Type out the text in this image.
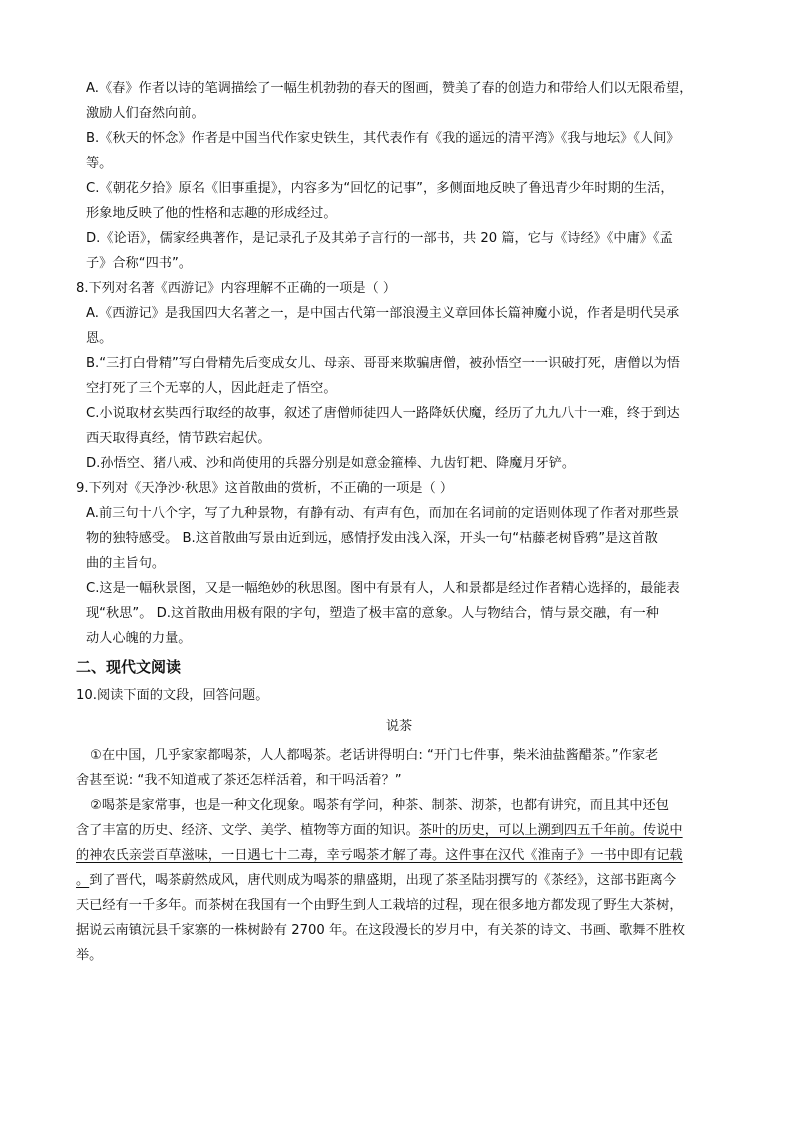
A.《春》作者以诗的笔调描绘了一幅生机勃勃的春天的图画，赞美了春的创造力和带给人们以无限希望，

激励人们奋然向前。

B.《秋天的怀念》作者是中国当代作家史铁生，其代表作有《我的遥远的清平湾》《我与地坛》《人间》

等。

C.《朝花夕拾》原名《旧事重提》，内容多为“回忆的记事”，多侧面地反映了鲁迅青少年时期的生活，

形象地反映了他的性格和志趣的形成经过。

D.《论语》，儒家经典著作，是记录孔子及其弟子言行的一部书，共 20 篇，它与《诗经》《中庸》《孟

子》合称“四书”。

8.下列对名著《西游记》内容理解不正确的一项是（ ）

A.《西游记》是我国四大名著之一，是中国古代第一部浪漫主义章回体长篇神魔小说，作者是明代吴承

恩。

B.“三打白骨精”写白骨精先后变成女儿、母亲、哥哥来欺骗唐僧，被孙悟空一一识破打死，唐僧以为悟

空打死了三个无辜的人，因此赶走了悟空。

C.小说取材玄奘西行取经的故事，叙述了唐僧师徒四人一路降妖伏魔，经历了九九八十一难，终于到达

西天取得真经，情节跌宕起伏。

D.孙悟空、猪八戒、沙和尚使用的兵器分别是如意金箍棒、九齿钉耙、降魔月牙铲。

9.下列对《天净沙·秋思》这首散曲的赏析，不正确的一项是（ ）

A.前三句十八个字，写了九种景物，有静有动、有声有色，而加在名词前的定语则体现了作者对那些景

物的独特感受。 B.这首散曲写景由近到远，感情抒发由浅入深，开头一句“枯藤老树昏鸦”是这首散

曲的主旨句。

C.这是一幅秋景图，又是一幅绝妙的秋思图。图中有景有人，人和景都是经过作者精心选择的，最能表

现“秋思”。 D.这首散曲用极有限的字句，塑造了极丰富的意象。人与物结合，情与景交融，有一种

动人心魄的力量。

二、现代文阅读

10.阅读下面的文段，回答问题。

说茶

①在中国，几乎家家都喝茶，人人都喝茶。老话讲得明白: “开门七件事，柴米油盐酱醋茶。”作家老

舍甚至说: “我不知道戒了茶还怎样活着，和干吗活着？”

②喝茶是家常事，也是一种文化现象。喝茶有学问，种茶、制茶、沏茶，也都有讲究，而且其中还包

含了丰富的历史、经济、文学、美学、植物等方面的知识。茶叶的历史，可以上溯到四五千年前。传说中

的神农氏亲尝百草滋味，一日遇七十二毒，幸亏喝茶才解了毒。这件事在汉代《淮南子》一书中即有记载

。到了晋代，喝茶蔚然成风，唐代则成为喝茶的鼎盛期，出现了茶圣陆羽撰写的《茶经》，这部书距离今

天已经有一千多年。而茶树在我国有一个由野生到人工栽培的过程，现在很多地方都发现了野生大茶树，

据说云南镇沅县千家寨的一株树龄有 2700 年。在这段漫长的岁月中，有关茶的诗文、书画、歌舞不胜枚

举。
